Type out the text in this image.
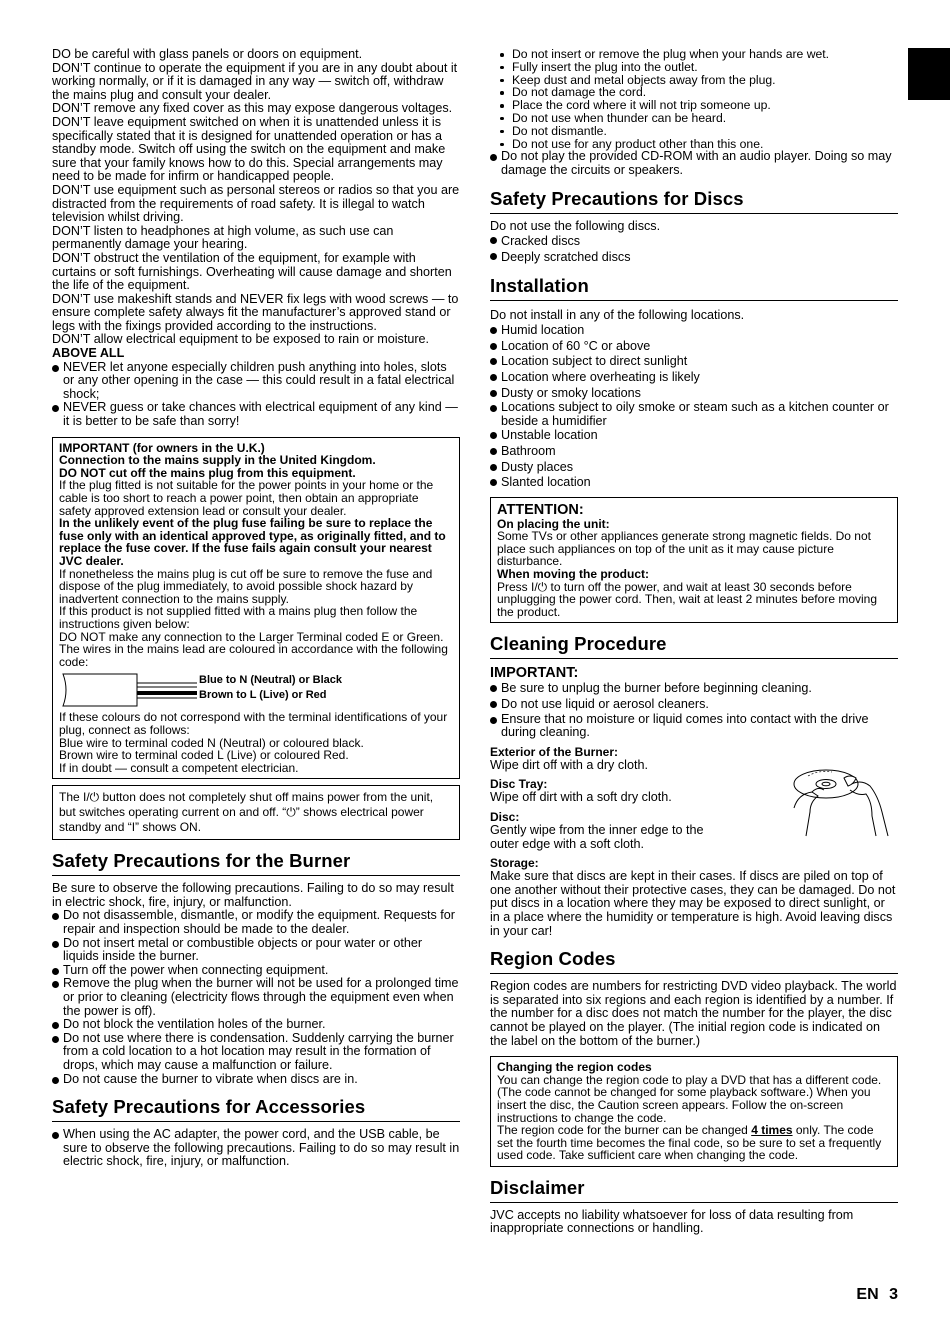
DO be careful with glass panels or doors on equipment.

DON’T continue to operate the equipment if you are in any doubt about it working normally, or if it is damaged in any way — switch off, withdraw the mains plug and consult your dealer.

DON’T remove any fixed cover as this may expose dangerous voltages.

DON’T leave equipment switched on when it is unattended unless it is specifically stated that it is designed for unattended operation or has a standby mode. Switch off using the switch on the equipment and make sure that your family knows how to do this. Special arrangements may need to be made for infirm or handicapped people.

DON’T use equipment such as personal stereos or radios so that you are distracted from the requirements of road safety. It is illegal to watch television whilst driving.

DON’T listen to headphones at high volume, as such use can permanently damage your hearing.

DON’T obstruct the ventilation of the equipment, for example with curtains or soft furnishings. Overheating will cause damage and shorten the life of the equipment.

DON’T use makeshift stands and NEVER fix legs with wood screws — to ensure complete safety always fit the manufacturer’s approved stand or legs with the fixings provided according to the instructions.

DON’T allow electrical equipment to be exposed to rain or moisture.

ABOVE ALL

NEVER let anyone especially children push anything into holes, slots or any other opening in the case — this could result in a fatal electrical shock;
NEVER guess or take chances with electrical equipment of any kind — it is better to be safe than sorry!

IMPORTANT (for owners in the U.K.)

Connection to the mains supply in the United Kingdom.

DO NOT cut off the mains plug from this equipment.

If the plug fitted is not suitable for the power points in your home or the cable is too short to reach a power point, then obtain an appropriate safety approved extension lead or consult your dealer.

In the unlikely event of the plug fuse failing be sure to replace the fuse only with an identical approved type, as originally fitted, and to replace the fuse cover. If the fuse fails again consult your nearest JVC dealer.

If nonetheless the mains plug is cut off be sure to remove the fuse and dispose of the plug immediately, to avoid possible shock hazard by inadvertent connection to the mains supply.

If this product is not supplied fitted with a mains plug then follow the instructions given below:

DO NOT make any connection to the Larger Terminal coded E or Green.

The wires in the mains lead are coloured in accordance with the following code:

Blue to N (Neutral) or Black
Brown to L (Live) or Red

If these colours do not correspond with the terminal identifications of your plug, connect as follows:

Blue wire to terminal coded N (Neutral) or coloured black.

Brown wire to terminal coded L (Live) or coloured Red.

If in doubt — consult a competent electrician.

The I/⏻ button does not completely shut off mains power from the unit, but switches operating current on and off. “⏻” shows electrical power standby and “I” shows ON.

Safety Precautions for the Burner

Be sure to observe the following precautions. Failing to do so may result in electric shock, fire, injury, or malfunction.

Do not disassemble, dismantle, or modify the equipment. Requests for repair and inspection should be made to the dealer.
Do not insert metal or combustible objects or pour water or other liquids inside the burner.
Turn off the power when connecting equipment.
Remove the plug when the burner will not be used for a prolonged time or prior to cleaning (electricity flows through the equipment even when the power is off).
Do not block the ventilation holes of the burner.
Do not use where there is condensation. Suddenly carrying the burner from a cold location to a hot location may result in the formation of drops, which may cause a malfunction or failure.
Do not cause the burner to vibrate when discs are in.
Safety Precautions for Accessories
When using the AC adapter, the power cord, and the USB cable, be sure to observe the following precautions. Failing to do so may result in electric shock, fire, injury, or malfunction.
Do not insert or remove the plug when your hands are wet.
Fully insert the plug into the outlet.
Keep dust and metal objects away from the plug.
Do not damage the cord.
Place the cord where it will not trip someone up.
Do not use when thunder can be heard.
Do not dismantle.
Do not use for any product other than this one.
Do not play the provided CD-ROM with an audio player. Doing so may damage the circuits or speakers.
Safety Precautions for Discs

Do not use the following discs.

Cracked discs
Deeply scratched discs
Installation

Do not install in any of the following locations.

Humid location
Location of 60 °C or above
Location subject to direct sunlight
Location where overheating is likely
Dusty or smoky locations
Locations subject to oily smoke or steam such as a kitchen counter or beside a humidifier
Unstable location
Bathroom
Dusty places
Slanted location
ATTENTION:

On placing the unit:

Some TVs or other appliances generate strong magnetic fields. Do not place such appliances on top of the unit as it may cause picture disturbance.

When moving the product:

Press I/⏻ to turn off the power, and wait at least 30 seconds before unplugging the power cord. Then, wait at least 2 minutes before moving the product.

Cleaning Procedure
IMPORTANT:
Be sure to unplug the burner before beginning cleaning.
Do not use liquid or aerosol cleaners.
Ensure that no moisture or liquid comes into contact with the drive during cleaning.
Exterior of the Burner:

Wipe dirt off with a dry cloth.

Disc Tray:

Wipe off dirt with a soft dry cloth.

Disc:

Gently wipe from the inner edge to the outer edge with a soft cloth.

Storage:

Make sure that discs are kept in their cases. If discs are piled on top of one another without their protective cases, they can be damaged. Do not put discs in a location where they may be exposed to direct sunlight, or in a place where the humidity or temperature is high. Avoid leaving discs in your car!

Region Codes

Region codes are numbers for restricting DVD video playback. The world is separated into six regions and each region is identified by a number. If the number for a disc does not match the number for the player, the disc cannot be played on the player. (The initial region code is indicated on the label on the bottom of the burner.)

Changing the region codes

You can change the region code to play a DVD that has a different code. (The code cannot be changed for some playback software.) When you insert the disc, the Caution screen appears. Follow the on-screen instructions to change the code.

The region code for the burner can be changed 4 times only. The code set the fourth time becomes the final code, so be sure to set a frequently used code. Take sufficient care when changing the code.

Disclaimer

JVC accepts no liability whatsoever for loss of data resulting from inappropriate connections or handling.

EN 3
